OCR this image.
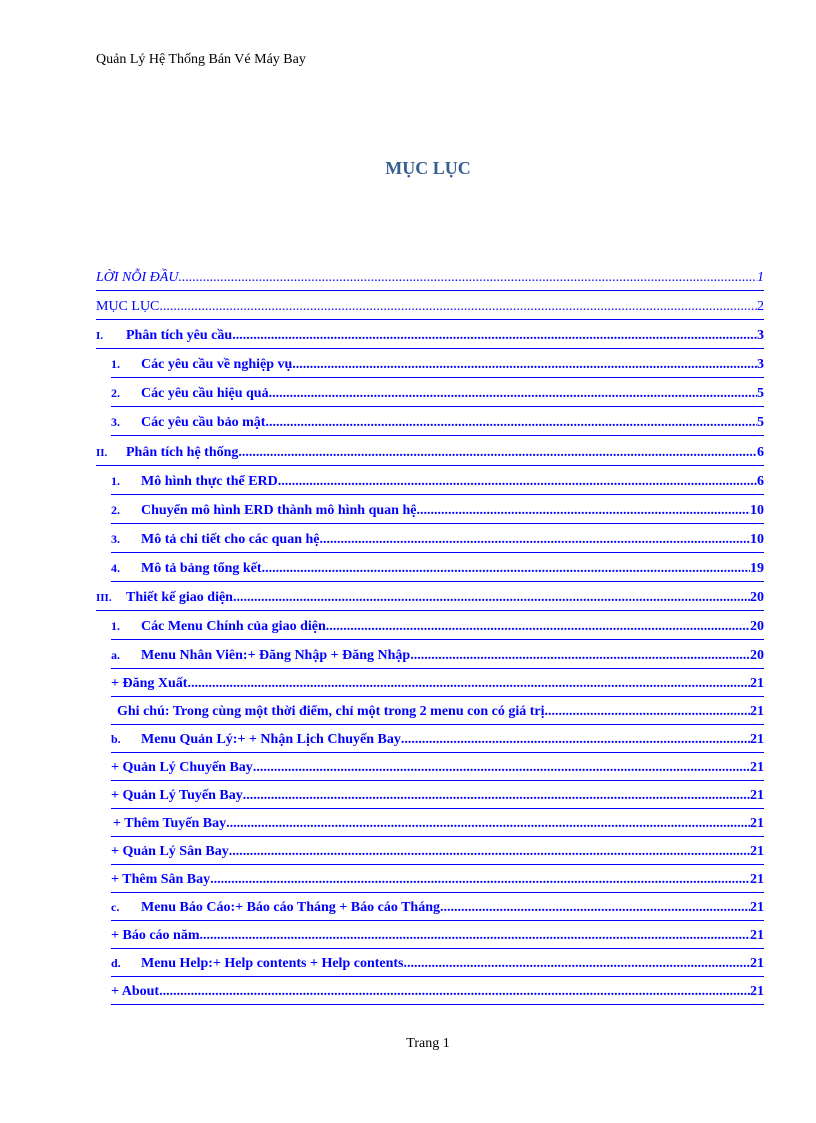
Quản Lý Hệ Thống Bán Vé Máy Bay
MỤC LỤC
LỜI NỖI ĐẦU .....	1
MỤC LỤC .....	2
I.	Phân tích yêu cầu .....	3
1.	Các yêu cầu về nghiệp vụ .....	3
2.	Các yêu cầu hiệu quả .....	5
3.	Các yêu cầu bảo mật .....	5
II.	Phân tích hệ thống .....	6
1.	Mô hình thực thể ERD .....	6
2.	Chuyển mô hình ERD thành mô hình quan hệ .....	10
3.	Mô tả chi tiết cho các quan hệ .....	10
4.	Mô tả bảng tổng kết .....	19
III.	Thiết kế giao diện .....	20
1.	Các Menu Chính của giao diện .....	20
a.	Menu Nhân Viên:+ Đăng Nhập + Đăng Nhập .....	20
+ Đăng Xuất .....	21
Ghi chú: Trong cùng một thời điểm, chỉ một trong 2 menu con có giá trị .....	21
b.	Menu Quản Lý:+ + Nhận Lịch Chuyến Bay .....	21
+ Quản Lý Chuyến Bay .....	21
+ Quản Lý Tuyến Bay .....	21
+ Thêm Tuyến Bay .....	21
+ Quản Lý Sân Bay .....	21
+ Thêm Sân Bay .....	21
c.	Menu Báo Cáo:+ Báo cáo Tháng + Báo cáo Tháng .....	21
+ Báo cáo năm .....	21
d.	Menu Help:+ Help contents + Help contents .....	21
+ About .....	21
Trang 1
